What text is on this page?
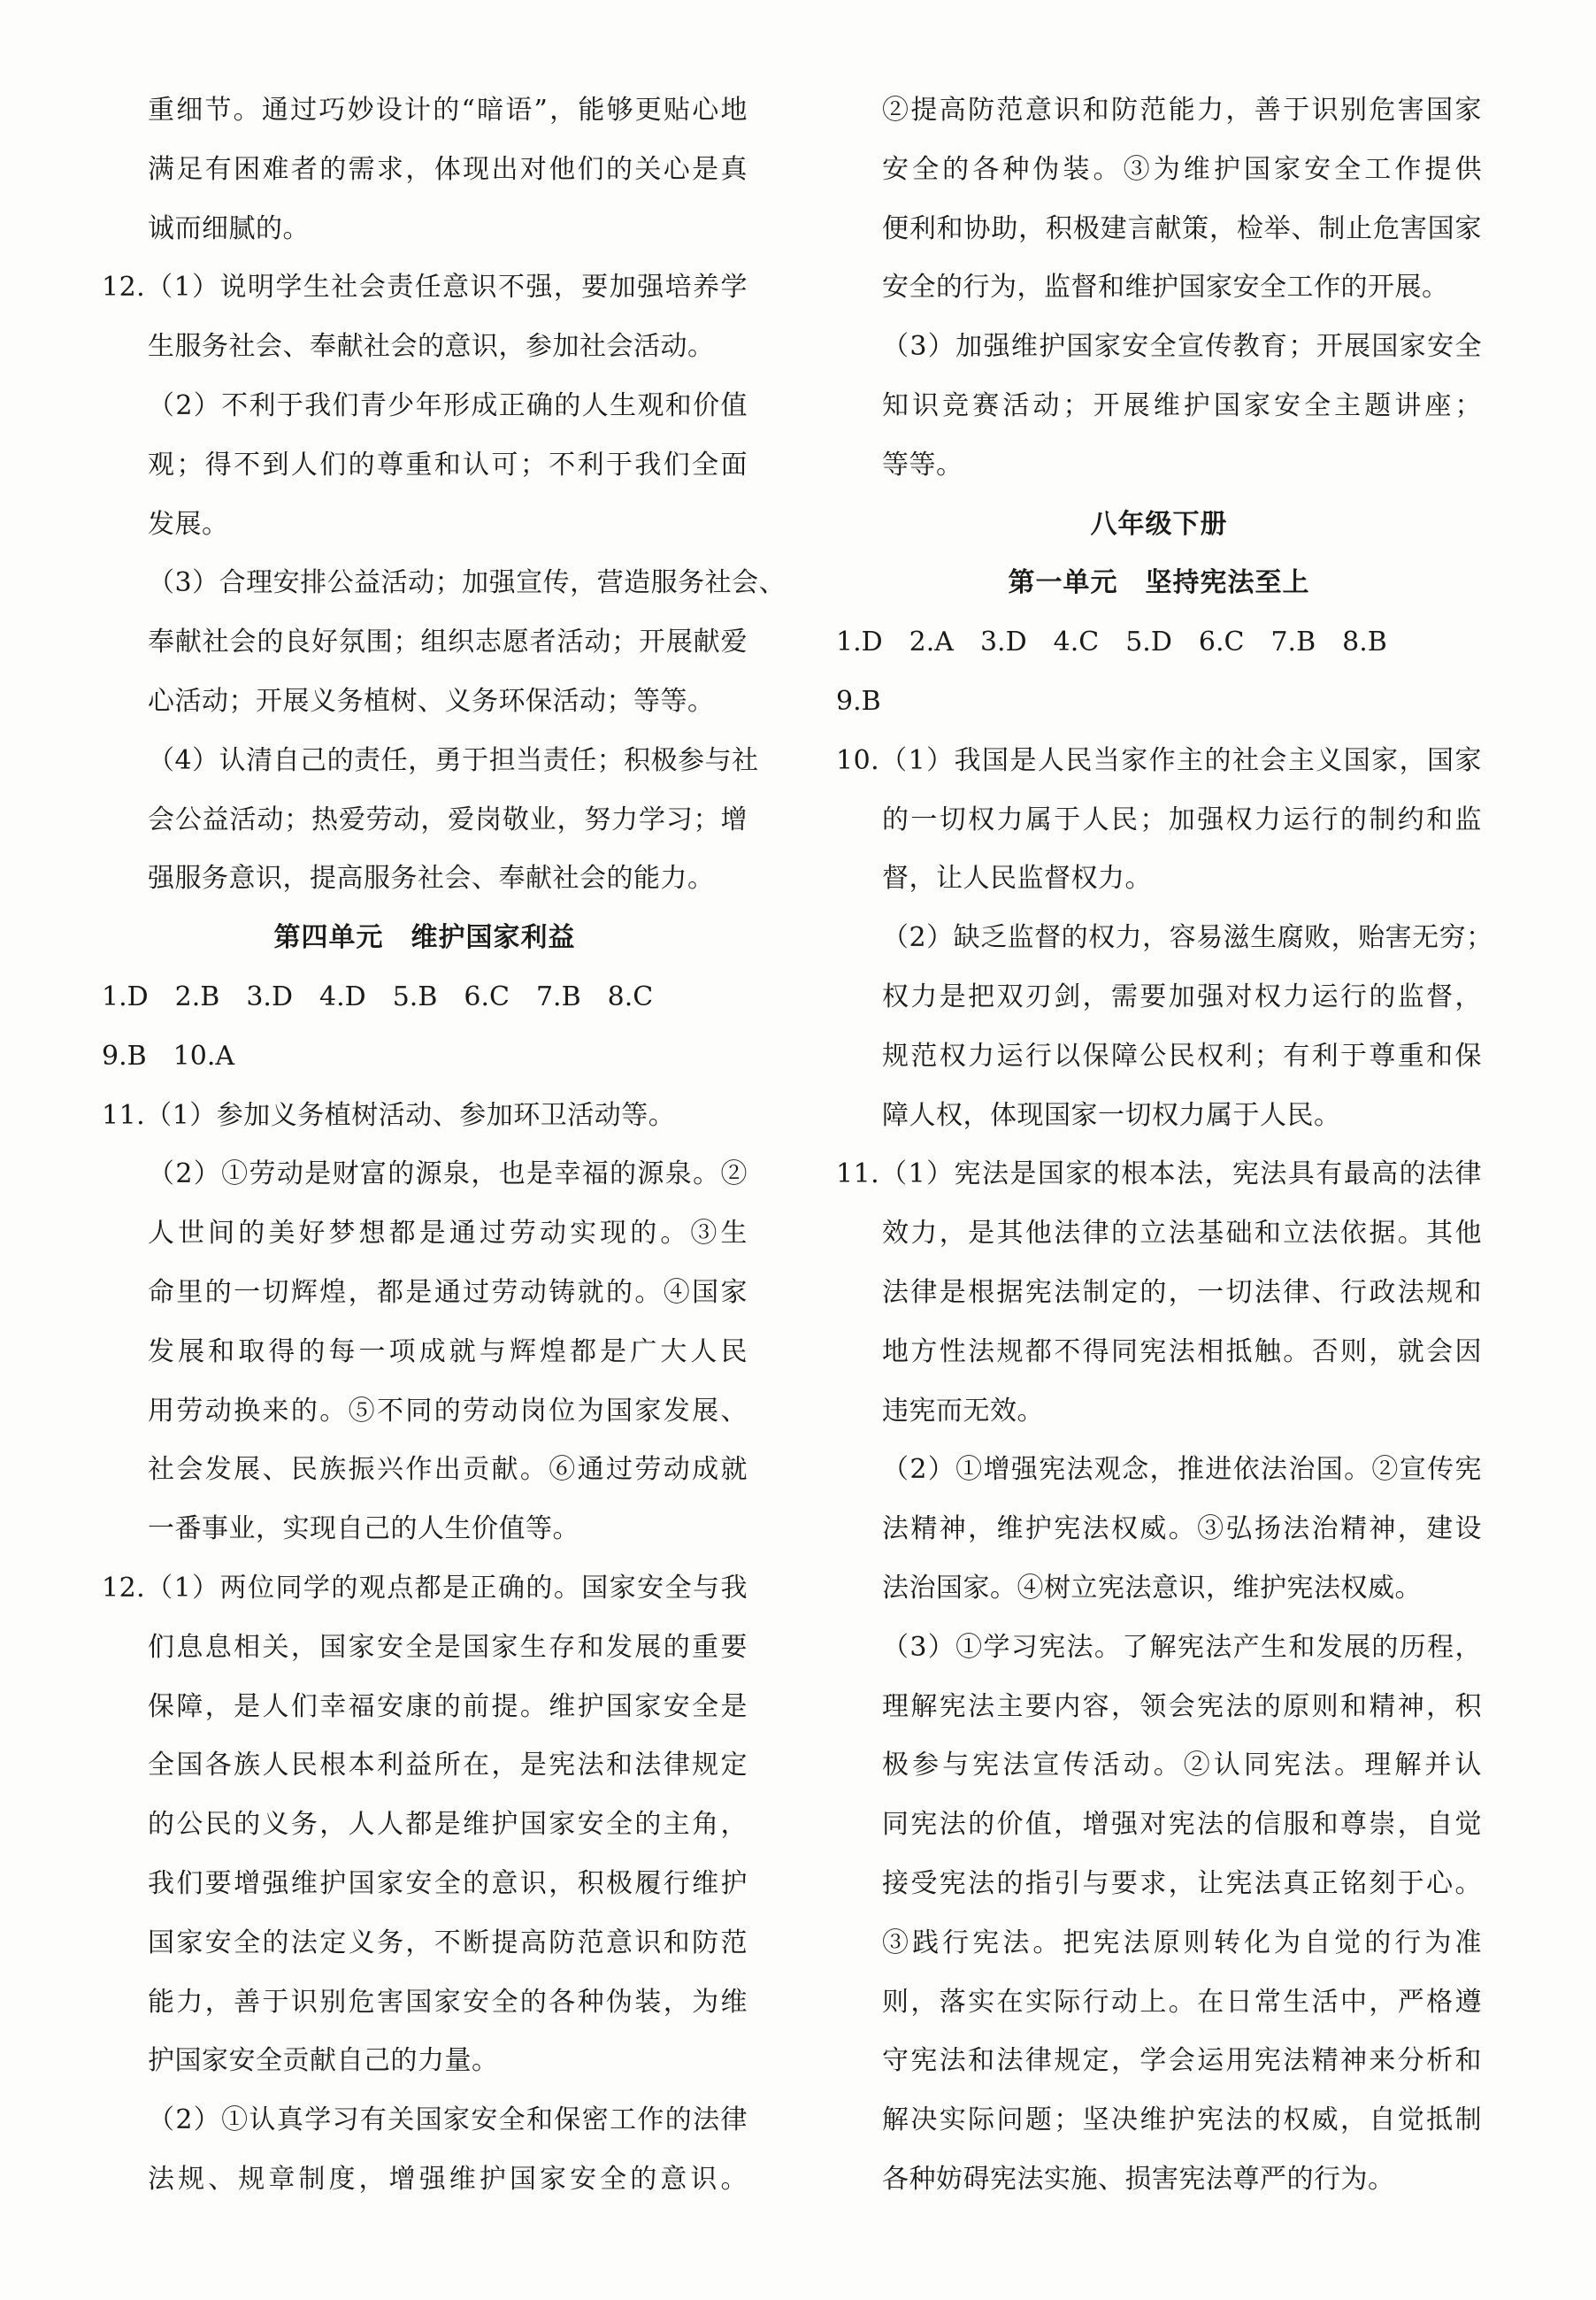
重细节。通过巧妙设计的“暗语”，能够更贴心地
满足有困难者的需求，体现出对他们的关心是真
诚而细腻的。
12.（1）说明学生社会责任意识不强，要加强培养学
生服务社会、奉献社会的意识，参加社会活动。
（2）不利于我们青少年形成正确的人生观和价值
观；得不到人们的尊重和认可；不利于我们全面
发展。
（3）合理安排公益活动；加强宣传，营造服务社会、
奉献社会的良好氛围；组织志愿者活动；开展献爱
心活动；开展义务植树、义务环保活动；等等。
（4）认清自己的责任，勇于担当责任；积极参与社
会公益活动；热爱劳动，爱岗敬业，努力学习；增
强服务意识，提高服务社会、奉献社会的能力。
第四单元　维护国家利益
1.D　2.B　3.D　4.D　5.B　6.C　7.B　8.C
9.B　10.A
11.（1）参加义务植树活动、参加环卫活动等。
（2）①劳动是财富的源泉，也是幸福的源泉。②
人世间的美好梦想都是通过劳动实现的。③生
命里的一切辉煌，都是通过劳动铸就的。④国家
发展和取得的每一项成就与辉煌都是广大人民
用劳动换来的。⑤不同的劳动岗位为国家发展、
社会发展、民族振兴作出贡献。⑥通过劳动成就
一番事业，实现自己的人生价值等。
12.（1）两位同学的观点都是正确的。国家安全与我
们息息相关，国家安全是国家生存和发展的重要
保障，是人们幸福安康的前提。维护国家安全是
全国各族人民根本利益所在，是宪法和法律规定
的公民的义务，人人都是维护国家安全的主角，
我们要增强维护国家安全的意识，积极履行维护
国家安全的法定义务，不断提高防范意识和防范
能力，善于识别危害国家安全的各种伪装，为维
护国家安全贡献自己的力量。
（2）①认真学习有关国家安全和保密工作的法律
法规、规章制度，增强维护国家安全的意识。
②提高防范意识和防范能力，善于识别危害国家
安全的各种伪装。③为维护国家安全工作提供
便利和协助，积极建言献策，检举、制止危害国家
安全的行为，监督和维护国家安全工作的开展。
（3）加强维护国家安全宣传教育；开展国家安全
知识竞赛活动；开展维护国家安全主题讲座；
等等。
八年级下册
第一单元　坚持宪法至上
1.D　2.A　3.D　4.C　5.D　6.C　7.B　8.B
9.B
10.（1）我国是人民当家作主的社会主义国家，国家
的一切权力属于人民；加强权力运行的制约和监
督，让人民监督权力。
（2）缺乏监督的权力，容易滋生腐败，贻害无穷；
权力是把双刃剑，需要加强对权力运行的监督，
规范权力运行以保障公民权利；有利于尊重和保
障人权，体现国家一切权力属于人民。
11.（1）宪法是国家的根本法，宪法具有最高的法律
效力，是其他法律的立法基础和立法依据。其他
法律是根据宪法制定的，一切法律、行政法规和
地方性法规都不得同宪法相抵触。否则，就会因
违宪而无效。
（2）①增强宪法观念，推进依法治国。②宣传宪
法精神，维护宪法权威。③弘扬法治精神，建设
法治国家。④树立宪法意识，维护宪法权威。
（3）①学习宪法。了解宪法产生和发展的历程，
理解宪法主要内容，领会宪法的原则和精神，积
极参与宪法宣传活动。②认同宪法。理解并认
同宪法的价值，增强对宪法的信服和尊崇，自觉
接受宪法的指引与要求，让宪法真正铭刻于心。
③践行宪法。把宪法原则转化为自觉的行为准
则，落实在实际行动上。在日常生活中，严格遵
守宪法和法律规定，学会运用宪法精神来分析和
解决实际问题；坚决维护宪法的权威，自觉抵制
各种妨碍宪法实施、损害宪法尊严的行为。
